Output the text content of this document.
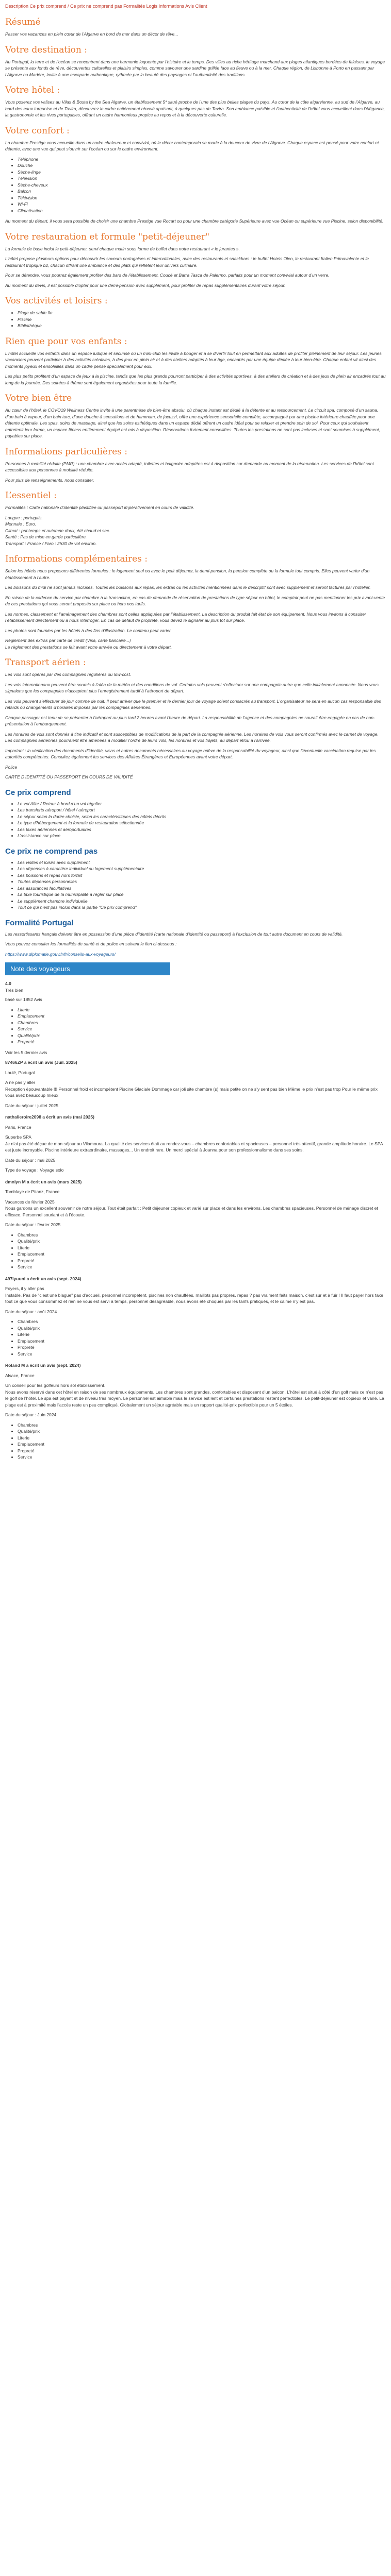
Description Ce prix comprend / Ce prix ne comprend pas Formalités Logis Informations Avis Client
Résumé

Passer vos vacances en plein cœur de l’Algarve en bord de mer dans un décor de rêve...

Votre destination :

Au Portugal, la terre et de l’océan se rencontrent dans une harmonie loquente par l’histoire et le temps. Des villes au riche héritage marchand aux plages atlantiques bordées de falaises, le voyage se présente aux fonds de rêve, découvertes culturelles et plaisirs simples, comme savourer une sardine grillée face au fleuve ou à la mer. Chaque région, de Lisbonne à Porto en passant par l’Algarve ou Madère, invite à une escapade authentique, rythmée par la beauté des paysages et l’authenticité des traditions.

Votre hôtel :

Vous poserez vos valises au Vilas & Bosta by the Sea Algarve, un établissement 5* situé proche de l’une des plus belles plages du pays. Au cœur de la côte algarvienne, au sud de l’Algarve, au bord des eaux turquoise et de Tavira, découvrez le cadre entièrement rénové apaisant, à quelques pas de Tavira. Son ambiance paisible et l’authenticité de l’hôtel vous accueillent dans l’élégance, la gastronomie et les rives portugaises, offrant un cadre harmonieux propice au repos et à la découverte culturelle.

Votre confort :

La chambre Prestige vous accueille dans un cadre chaleureux et convivial, où le décor contemporain se marie à la douceur de vivre de l’Algarve. Chaque espace est pensé pour votre confort et détente, avec une vue qui peut s’ouvrir sur l’océan ou sur le cadre environnant.

• Téléphone
• Douche
• Sèche-linge
• Télévision
• Sèche-cheveux
• Balcon
• Télévision
• Wi-Fi
• Climatisation

Au moment du départ, il vous sera possible de choisir une chambre Prestige vue Rocart ou pour une chambre catégorie Supérieure avec vue Océan ou supérieure vue Piscine, selon disponibilité.

Votre restauration et formule "petit-déjeuner"

La formule de base inclut le petit-déjeuner, servi chaque matin sous forme de buffet dans notre restaurant « le jurantes ».

L’hôtel propose plusieurs options pour découvrir les saveurs portugaises et internationales, avec des restaurants et snackbars : le buffet Hotels Oleo, le restaurant Italien Primavalente et le restaurant tropique b2, chacun offrant une ambiance et des plats qui reflètent leur univers culinaire.

Pour se détendre, vous pourrez également profiter des bars de l’établissement, Coucé et Barra Tasca de Palermo, parfaits pour un moment convivial autour d’un verre.

Au moment du devis, il est possible d’opter pour une demi-pension avec supplément, pour profiter de repas supplémentaires durant votre séjour.

Vos activités et loisirs :
• Plage de sable fin
• Piscine
• Bibliothèque
Rien que pour vos enfants :

L’hôtel accueille vos enfants dans un espace ludique et sécurisé où un mini-club les invite à bouger et à se divertir tout en permettant aux adultes de profiter pleinement de leur séjour. Les jeunes vacanciers peuvent participer à des activités créatives, à des jeux en plein air et à des ateliers adaptés à leur âge, encadrés par une équipe dédiée à leur bien-être. Chaque enfant vit ainsi des moments joyeux et ensoleillés dans un cadre pensé spécialement pour eux.

Les plus petits profitent d’un espace de jeux à la piscine, tandis que les plus grands pourront participer à des activités sportives, à des ateliers de création et à des jeux de plein air encadrés tout au long de la journée. Des soirées à thème sont également organisées pour toute la famille.

Votre bien être

Au cœur de l’hôtel, le COVO19 Wellness Centre invite à une parenthèse de bien-être absolu, où chaque instant est dédié à la détente et au ressourcement. Le circuit spa, composé d’un sauna, d’un bain à vapeur, d’un bain turc, d’une douche à sensations et de hammam, de jacuzzi, offre une expérience sensorielle complète, accompagné par une piscine intérieure chauffée pour une détente optimale. Les spas, soins de massage, ainsi que les soins esthétiques dans un espace dédié offrent un cadre idéal pour se relaxer et prendre soin de soi. Pour ceux qui souhaitent entretenir leur forme, un espace fitness entièrement équipé est mis à disposition. Réservations fortement conseillées. Toutes les prestations ne sont pas incluses et sont soumises à supplément, payables sur place.

Informations particulières :

Personnes à mobilité réduite (PMR) : une chambre avec accès adapté, toilettes et baignoire adaptées est à disposition sur demande au moment de la réservation. Les services de l’hôtel sont accessibles aux personnes à mobilité réduite.

Pour plus de renseignements, nous consulter.

L’essentiel :

Formalités : Carte nationale d’identité plastifiée ou passeport impérativement en cours de validité.

Langue : portugais.
Monnaie : Euro.
Climat : printemps et automne doux, été chaud et sec.
Santé : Pas de mise en garde particulière.
Transport : France / Faro : 2h30 de vol environ.

Informations complémentaires :

Selon les hôtels nous proposons différentes formules : le logement seul ou avec le petit déjeuner, la demi-pension, la pension complète ou la formule tout compris. Elles peuvent varier d’un établissement à l’autre.

Les boissons du midi ne sont jamais incluses. Toutes les boissons aux repas, les extras ou les activités mentionnées dans le descriptif sont avec supplément et seront facturés par l’hôtelier.

En raison de la cadence du service par chambre à la transaction, en cas de demande de réservation de prestations de type séjour en hôtel, le comptoir peut ne pas mentionner les prix avant-vente de ces prestations qui vous seront proposés sur place ou hors nos tarifs.

Les normes, classement et l’aménagement des chambres sont celles appliquées par l’établissement. La description du produit fait état de son équipement. Nous vous invitons à consulter l’établissement directement ou à nous interroger. En cas de défaut de propreté, vous devez le signaler au plus tôt sur place.

Les photos sont fournies par les hôtels à des fins d’illustration. Le contenu peut varier.

Règlement des extras par carte de crédit (Visa, carte bancaire...)
Le règlement des prestations se fait avant votre arrivée ou directement à votre départ.

Transport aérien :

Les vols sont opérés par des compagnies régulières ou low-cost.

Les vols internationaux peuvent être soumis à l’aléa de la météo et des conditions de vol. Certains vols peuvent s’effectuer sur une compagnie autre que celle initialement annoncée. Nous vous signalons que les compagnies n’acceptent plus l’enregistrement tardif à l’aéroport de départ.

Les vols peuvent s’effectuer de jour comme de nuit. Il peut arriver que le premier et le dernier jour de voyage soient consacrés au transport. L’organisateur ne sera en aucun cas responsable des retards ou changements d’horaires imposés par les compagnies aériennes.

Chaque passager est tenu de se présenter à l’aéroport au plus tard 2 heures avant l’heure de départ. La responsabilité de l’agence et des compagnies ne saurait être engagée en cas de non-présentation à l’embarquement.

Les horaires de vols sont donnés à titre indicatif et sont susceptibles de modifications de la part de la compagnie aérienne. Les horaires de vols vous seront confirmés avec le carnet de voyage. Les compagnies aériennes pourraient être amenées à modifier l’ordre de leurs vols, les horaires et vos trajets, au départ et/ou à l’arrivée.

Important : la vérification des documents d’identité, visas et autres documents nécessaires au voyage relève de la responsabilité du voyageur, ainsi que l’éventuelle vaccination requise par les autorités compétentes. Consultez également les services des Affaires Étrangères et Européennes avant votre départ.

Police

CARTE D’IDENTITÉ OU PASSEPORT EN COURS DE VALIDITÉ

Ce prix comprend
• Le vol Aller / Retour à bord d’un vol régulier
• Les transferts aéroport / hôtel / aéroport
• Le séjour selon la durée choisie, selon les caractéristiques des hôtels décrits
• Le type d’hébergement et la formule de restauration sélectionnée
• Les taxes aériennes et aéroportuaires
• L’assistance sur place
Ce prix ne comprend pas
• Les visites et loisirs avec supplément
• Les dépenses à caractère individuel ou logement supplémentaire
• Les boissons et repas hors forfait
• Toutes dépenses personnelles
• Les assurances facultatives
• La taxe touristique de la municipalité à régler sur place
• Le supplément chambre individuelle
• Tout ce qui n’est pas inclus dans la partie "Ce prix comprend"
Formalité Portugal

Les ressortissants français doivent être en possession d’une pièce d’identité (carte nationale d’identité ou passeport) à l’exclusion de tout autre document en cours de validité.

Vous pouvez consulter les formalités de santé et de police en suivant le lien ci-dessous :

https://www.diplomatie.gouv.fr/fr/conseils-aux-voyageurs/

Note des voyageurs

4.0

Très bien

basé sur 1852 Avis

• Literie
• Emplacement
• Chambres
• Service
• Qualité/prix
• Propreté

Voir les 5 dernier avis

87466ZP a écrit un avis (Juil. 2025)

Loulé, Portugal

A ne pas y aller
Reception épouvantable !!! Personnel froid et incompétent Piscine Glaciale Dommage car joli site chambre (s) mais petite on ne s’y sent pas bien Même le prix n’est pas trop Pour le même prix vous avez beaucoup mieux

Date du séjour : juillet 2025

nathalieroire2098 a écrit un avis (mai 2025)

Paris, France

Superbe SPA
Je n’ai pas été déçue de mon séjour au Vilamoura. La qualité des services était au rendez-vous – chambres confortables et spacieuses – personnel très attentif, grande amplitude horaire. Le SPA est juste incroyable. Piscine intérieure extraordinaire, massages... Un endroit rare. Un merci spécial à Joanna pour son professionnalisme dans ses soins.

Date du séjour : mai 2025

Type de voyage : Voyage solo

dmnlyn M a écrit un avis (mars 2025)

Tomblaye de Pitanz, France

Vacances de février 2025
Nous gardons un excellent souvenir de notre séjour. Tout était parfait : Petit déjeuner copieux et varié sur place et dans les environs. Les chambres spacieuses. Personnel de ménage discret et efficace. Personnel souriant et à l’écoute.

Date du séjour : février 2025

• Chambres
• Qualité/prix
• Literie
• Emplacement
• Propreté
• Service

497lyuuni a écrit un avis (sept. 2024)

Foyers, il y aller pas
Instable. Pas de "c’est une blague" pas d’accueil, personnel incompétent, piscines non chauffées, maillots pas propres, repas ? pas vraiment faits maison, c’est sur et à fuir ! Il faut payer hors taxe tout ce que vous consommez et rien ne vous est servi à temps, personnel désagréable, nous avons été choqués par les tarifs pratiqués, et le calme n’y est pas.

Date du séjour : août 2024

• Chambres
• Qualité/prix
• Literie
• Emplacement
• Propreté
• Service

Roland M a écrit un avis (sept. 2024)

Alsace, France

Un conseil pour les golfeurs hors sol établissement.
Nous avons réservé dans cet hôtel en raison de ses nombreux équipements. Les chambres sont grandes, confortables et disposent d’un balcon. L’hôtel est situé à côté d’un golf mais ce n’est pas le golf de l’hôtel. Le spa est payant et de niveau très moyen. Le personnel est aimable mais le service est lent et certaines prestations restent perfectibles. Le petit-déjeuner est copieux et varié. La plage est à proximité mais l’accès reste un peu compliqué. Globalement un séjour agréable mais un rapport qualité-prix perfectible pour un 5 étoiles.

Date du séjour : Juin 2024

• Chambres
• Qualité/prix
• Literie
• Emplacement
• Propreté
• Service
